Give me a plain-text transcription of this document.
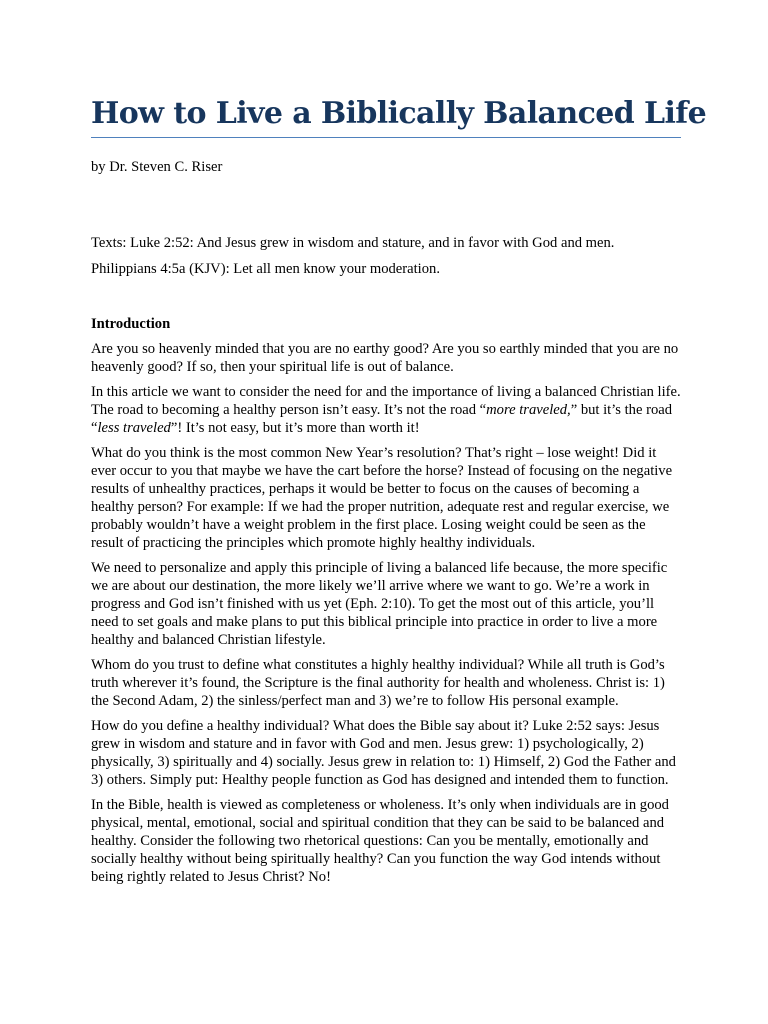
How to Live a Biblically Balanced Life

by Dr. Steven C. Riser

Texts: Luke 2:52: And Jesus grew in wisdom and stature, and in favor with God and men.

Philippians 4:5a (KJV): Let all men know your moderation.

Introduction

Are you so heavenly minded that you are no earthy good? Are you so earthly minded that you are no heavenly good? If so, then your spiritual life is out of balance.

In this article we want to consider the need for and the importance of living a balanced Christian life. The road to becoming a healthy person isn’t easy. It’s not the road “more traveled,” but it’s the road “less traveled”! It’s not easy, but it’s more than worth it!

What do you think is the most common New Year’s resolution? That’s right – lose weight! Did it ever occur to you that maybe we have the cart before the horse? Instead of focusing on the negative results of unhealthy practices, perhaps it would be better to focus on the causes of becoming a healthy person? For example: If we had the proper nutrition, adequate rest and regular exercise, we probably wouldn’t have a weight problem in the first place. Losing weight could be seen as the result of practicing the principles which promote highly healthy individuals.

We need to personalize and apply this principle of living a balanced life because, the more specific we are about our destination, the more likely we’ll arrive where we want to go. We’re a work in progress and God isn’t finished with us yet (Eph. 2:10). To get the most out of this article, you’ll need to set goals and make plans to put this biblical principle into practice in order to live a more healthy and balanced Christian lifestyle.

Whom do you trust to define what constitutes a highly healthy individual? While all truth is God’s truth wherever it’s found, the Scripture is the final authority for health and wholeness. Christ is: 1) the Second Adam, 2) the sinless/perfect man and 3) we’re to follow His personal example.

How do you define a healthy individual? What does the Bible say about it? Luke 2:52 says: Jesus grew in wisdom and stature and in favor with God and men. Jesus grew: 1) psychologically, 2) physically, 3) spiritually and 4) socially. Jesus grew in relation to: 1) Himself, 2) God the Father and 3) others. Simply put: Healthy people function as God has designed and intended them to function.

In the Bible, health is viewed as completeness or wholeness. It’s only when individuals are in good physical, mental, emotional, social and spiritual condition that they can be said to be balanced and healthy. Consider the following two rhetorical questions: Can you be mentally, emotionally and socially healthy without being spiritually healthy? Can you function the way God intends without being rightly related to Jesus Christ? No!
